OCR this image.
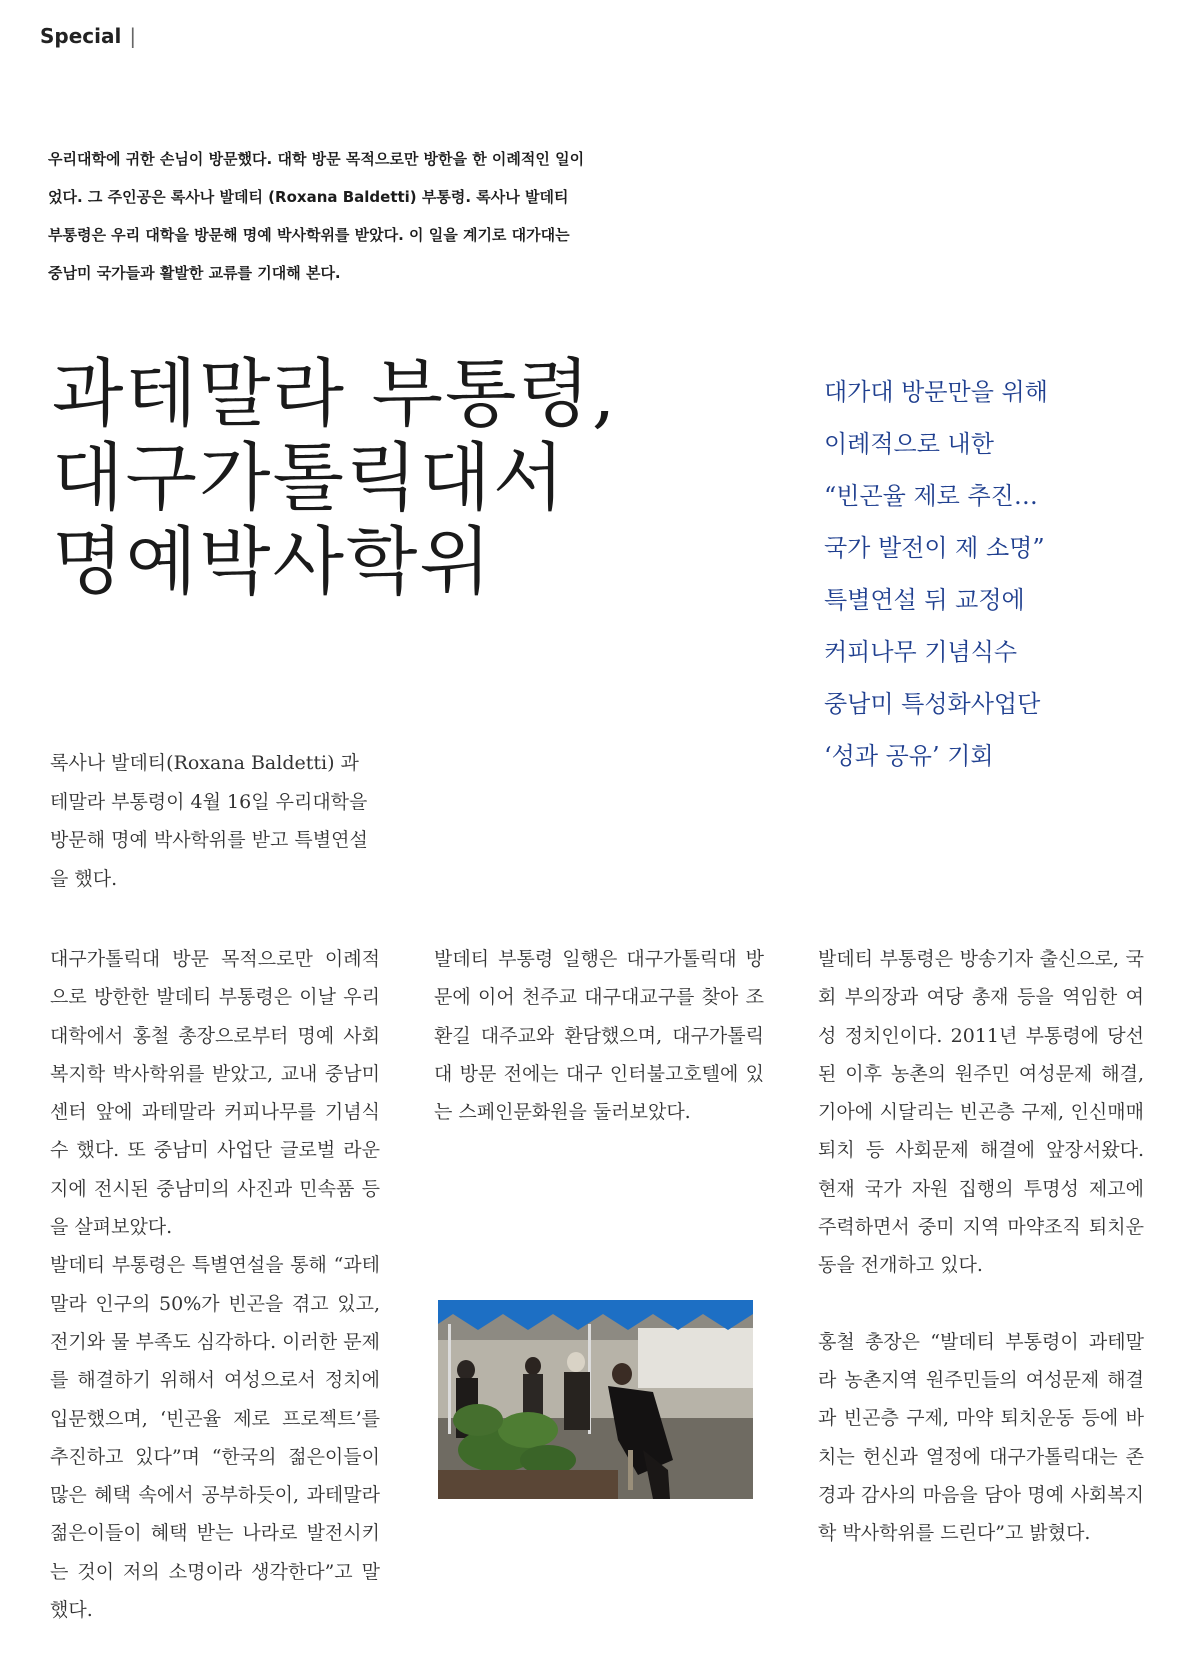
Special |
우리대학에 귀한 손님이 방문했다. 대학 방문 목적으로만 방한을 한 이례적인 일이었다. 그 주인공은 록사나 발데티 (Roxana Baldetti) 부통령. 록사나 발데티 부통령은 우리 대학을 방문해 명예 박사학위를 받았다. 이 일을 계기로 대가대는 중남미 국가들과 활발한 교류를 기대해 본다.
과테말라 부통령,
대구가톨릭대서
명예박사학위
대가대 방문만을 위해
이례적으로 내한
“빈곤율 제로 추진…
국가 발전이 제 소명”
특별연설 뒤 교정에
커피나무 기념식수
중남미 특성화사업단
‘성과 공유’ 기회
록사나 발데티(Roxana Baldetti) 과테말라 부통령이 4월 16일 우리대학을 방문해 명예 박사학위를 받고 특별연설을 했다.

대구가톨릭대 방문 목적으로만 이례적으로 방한한 발데티 부통령은 이날 우리대학에서 홍철 총장으로부터 명예 사회복지학 박사학위를 받았고, 교내 중남미센터 앞에 과테말라 커피나무를 기념식수 했다. 또 중남미 사업단 글로벌 라운지에 전시된 중남미의 사진과 민속품 등을 살펴보았다.

발데티 부통령은 특별연설을 통해 “과테말라 인구의 50%가 빈곤을 겪고 있고, 전기와 물 부족도 심각하다. 이러한 문제를 해결하기 위해서 여성으로서 정치에 입문했으며, ‘빈곤율 제로 프로젝트’를 추진하고 있다”며 “한국의 젊은이들이 많은 혜택 속에서 공부하듯이, 과테말라 젊은이들이 혜택 받는 나라로 발전시키는 것이 저의 소명이라 생각한다”고 말했다.

발데티 부통령 일행은 대구가톨릭대 방문에 이어 천주교 대구대교구를 찾아 조환길 대주교와 환담했으며, 대구가톨릭대 방문 전에는 대구 인터불고호텔에 있는 스페인문화원을 둘러보았다.

발데티 부통령은 방송기자 출신으로, 국회 부의장과 여당 총재 등을 역임한 여성 정치인이다. 2011년 부통령에 당선된 이후 농촌의 원주민 여성문제 해결, 기아에 시달리는 빈곤층 구제, 인신매매 퇴치 등 사회문제 해결에 앞장서왔다. 현재 국가 자원 집행의 투명성 제고에 주력하면서 중미 지역 마약조직 퇴치운동을 전개하고 있다.

홍철 총장은 “발데티 부통령이 과테말라 농촌지역 원주민들의 여성문제 해결과 빈곤층 구제, 마약 퇴치운동 등에 바치는 헌신과 열정에 대구가톨릭대는 존경과 감사의 마음을 담아 명예 사회복지학 박사학위를 드린다”고 밝혔다.
